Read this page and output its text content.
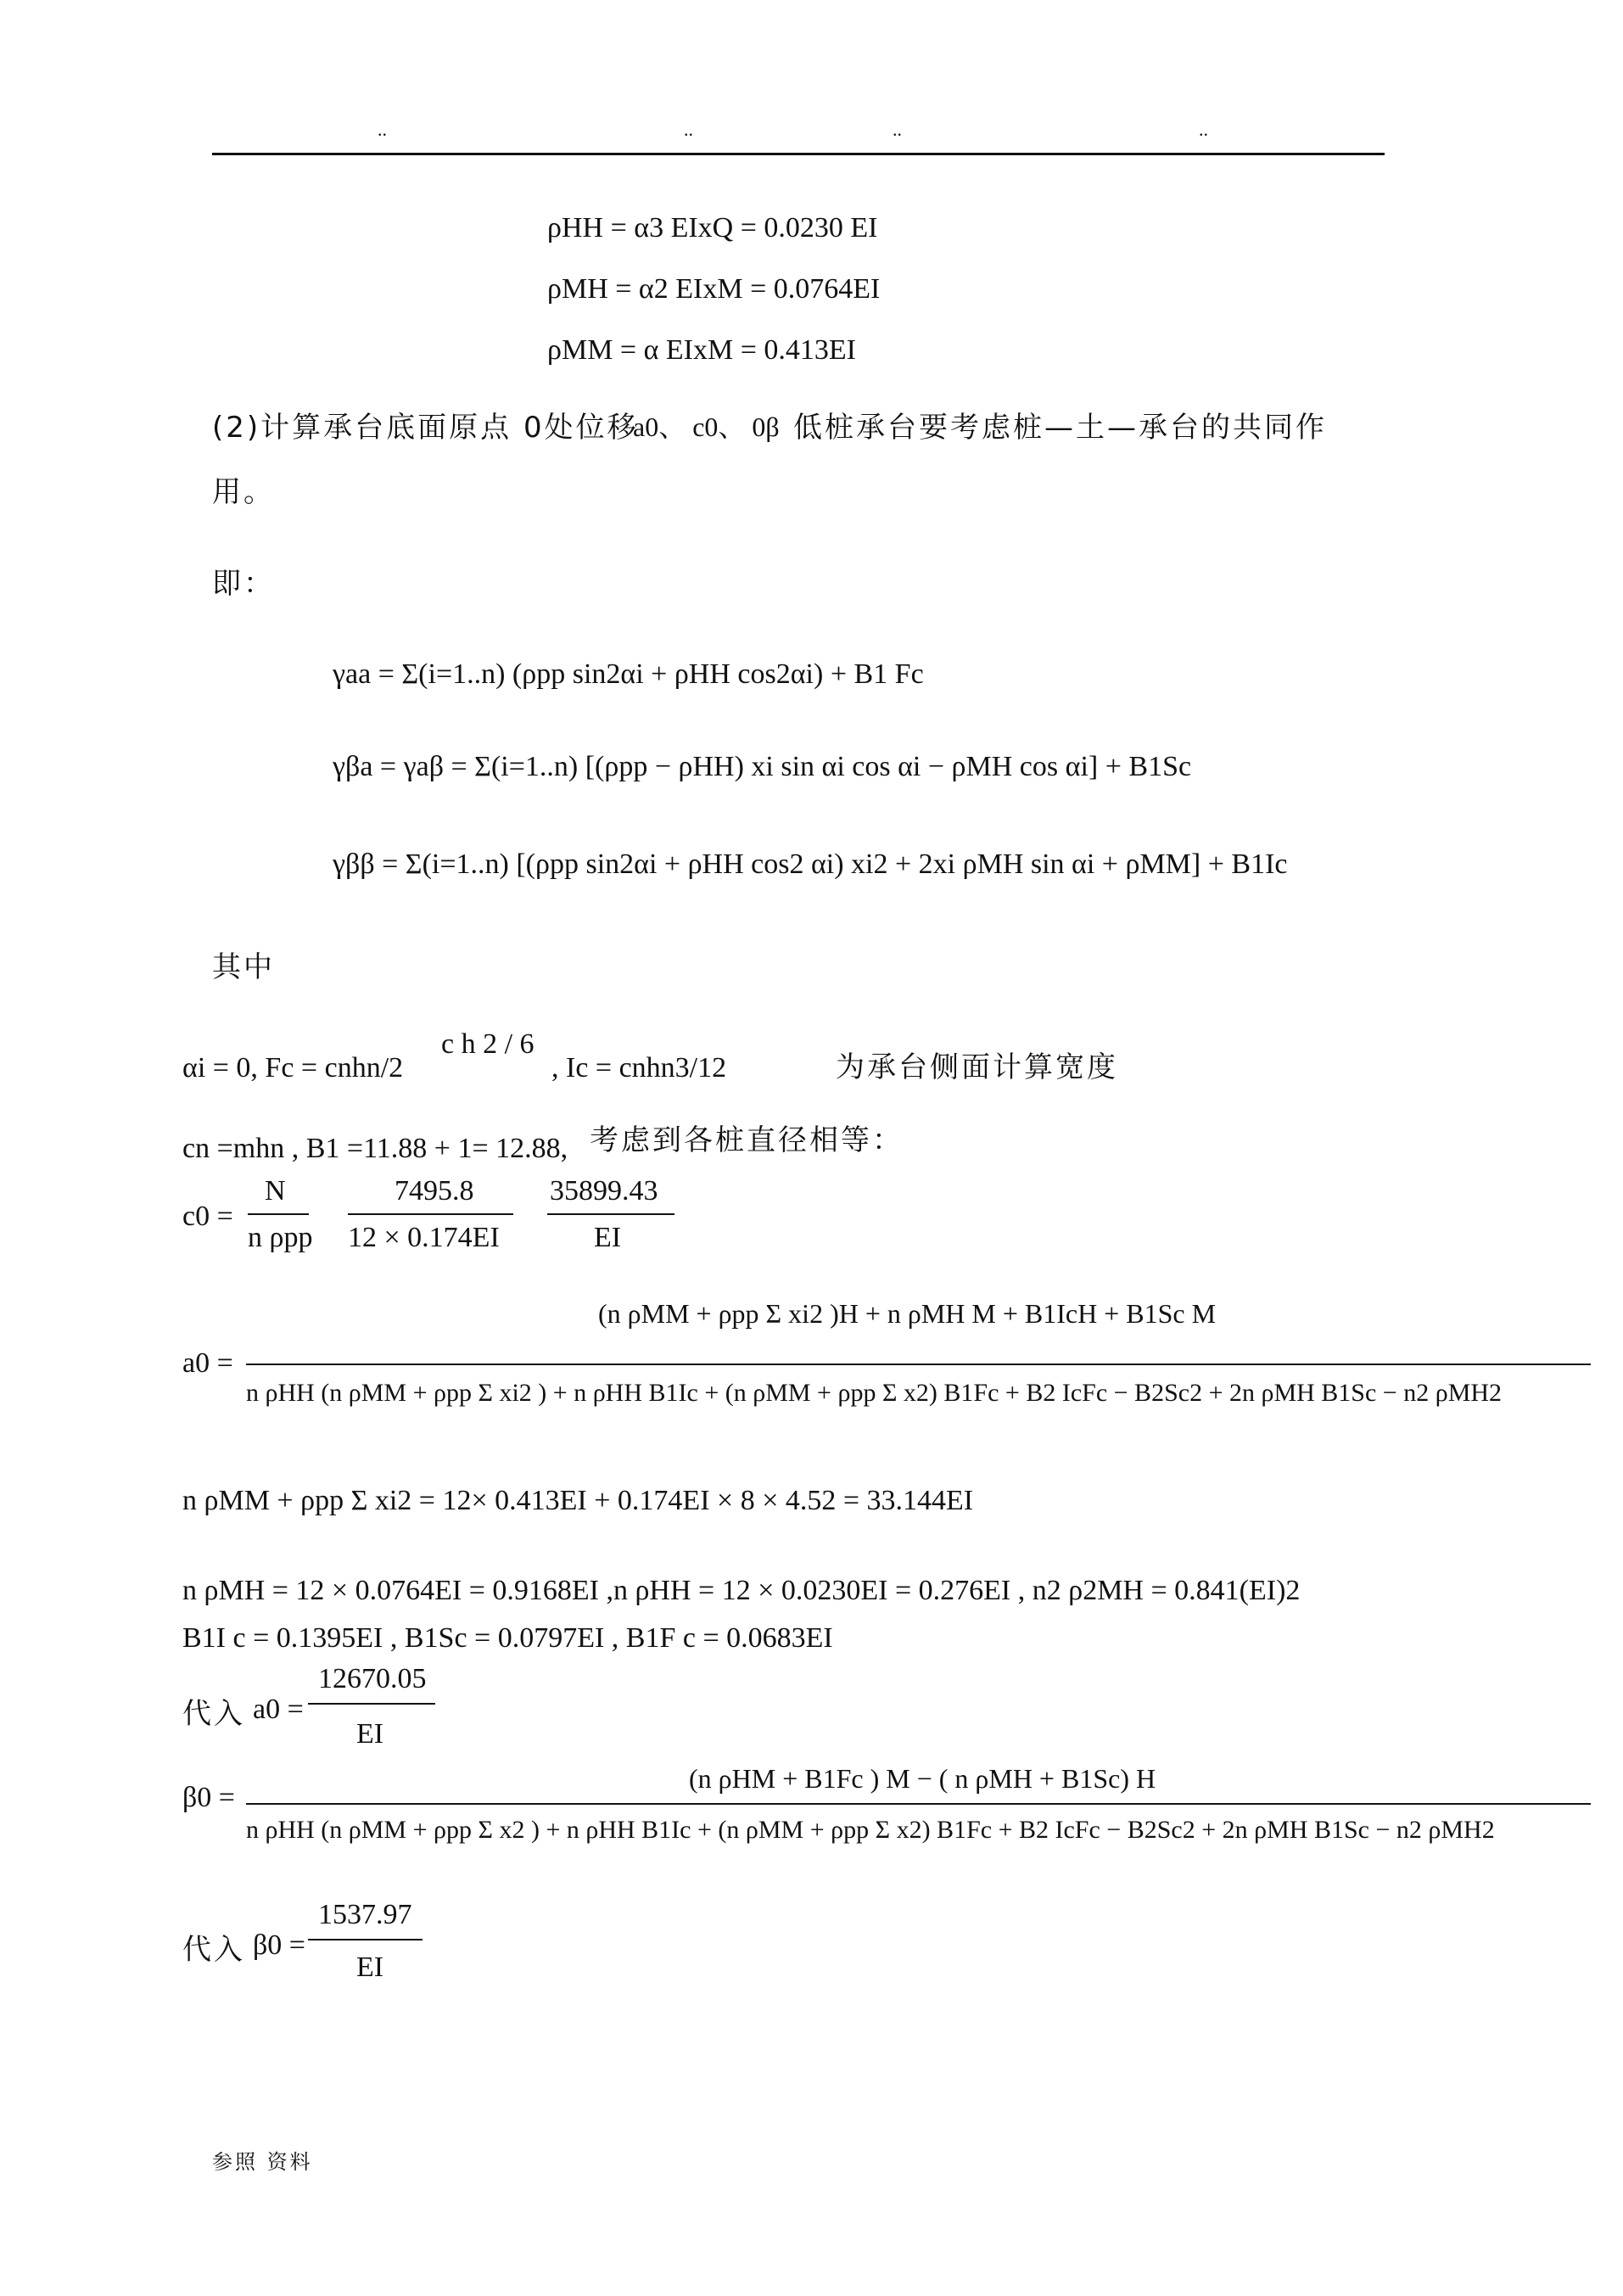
..	..	..	..
ρHH = α3 EIxQ = 0.0230 EI
ρMH = α2 EIxM = 0.0764EI
ρMM = α EIxM = 0.413EI
(2)计算承台底面原点 0处位移
a0、 c0、 0β 低桩承台要考虑桩—土—承台的共同作
用。
即：
γaa = Σ(i=1..n) (ρpp sin2αi + ρHH cos2αi) + B1 Fc
γβa = γaβ = Σ(i=1..n) [(ρpp − ρHH) xi sin αi cos αi − ρMH cos αi] + B1Sc
γββ = Σ(i=1..n) [(ρpp sin2αi + ρHH cos2 αi) xi2 + 2xi ρMH sin αi + ρMM] + B1Ic
其中
αi = 0, Fc = cnhn/2
c h 2 / 6
, Ic = cnhn3/12	为承台侧面计算宽度
cn =mhn , B1 =11.88 + 1= 12.88, 考虑到各桩直径相等：
c0 =
N
n ρpp
7495.8
12 × 0.174EI
35899.43
EI
a0 =
(n ρMM + ρpp Σ xi2 )H + n ρMH M + B1IcH + B1Sc M
n ρHH (n ρMM + ρpp Σ xi2 ) + n ρHH B1Ic + (n ρMM + ρpp Σ x2) B1Fc + B2 IcFc − B2Sc2 + 2n ρMH B1Sc − n2 ρMH2
n ρMM + ρpp Σ xi2 = 12× 0.413EI + 0.174EI × 8 × 4.52 = 33.144EI
n ρMH = 12 × 0.0764EI = 0.9168EI ,n ρHH = 12 × 0.0230EI = 0.276EI , n2 ρ2MH = 0.841(EI)2
B1I c = 0.1395EI , B1Sc = 0.0797EI , B1F c = 0.0683EI
代入 a0 =
12670.05
EI
β0 =
(n ρHM + B1Fc ) M − ( n ρMH + B1Sc) H
n ρHH (n ρMM + ρpp Σ x2 ) + n ρHH B1Ic + (n ρMM + ρpp Σ x2) B1Fc + B2 IcFc − B2Sc2 + 2n ρMH B1Sc − n2 ρMH2
代入 β0 =
1537.97
EI
参照 资料
